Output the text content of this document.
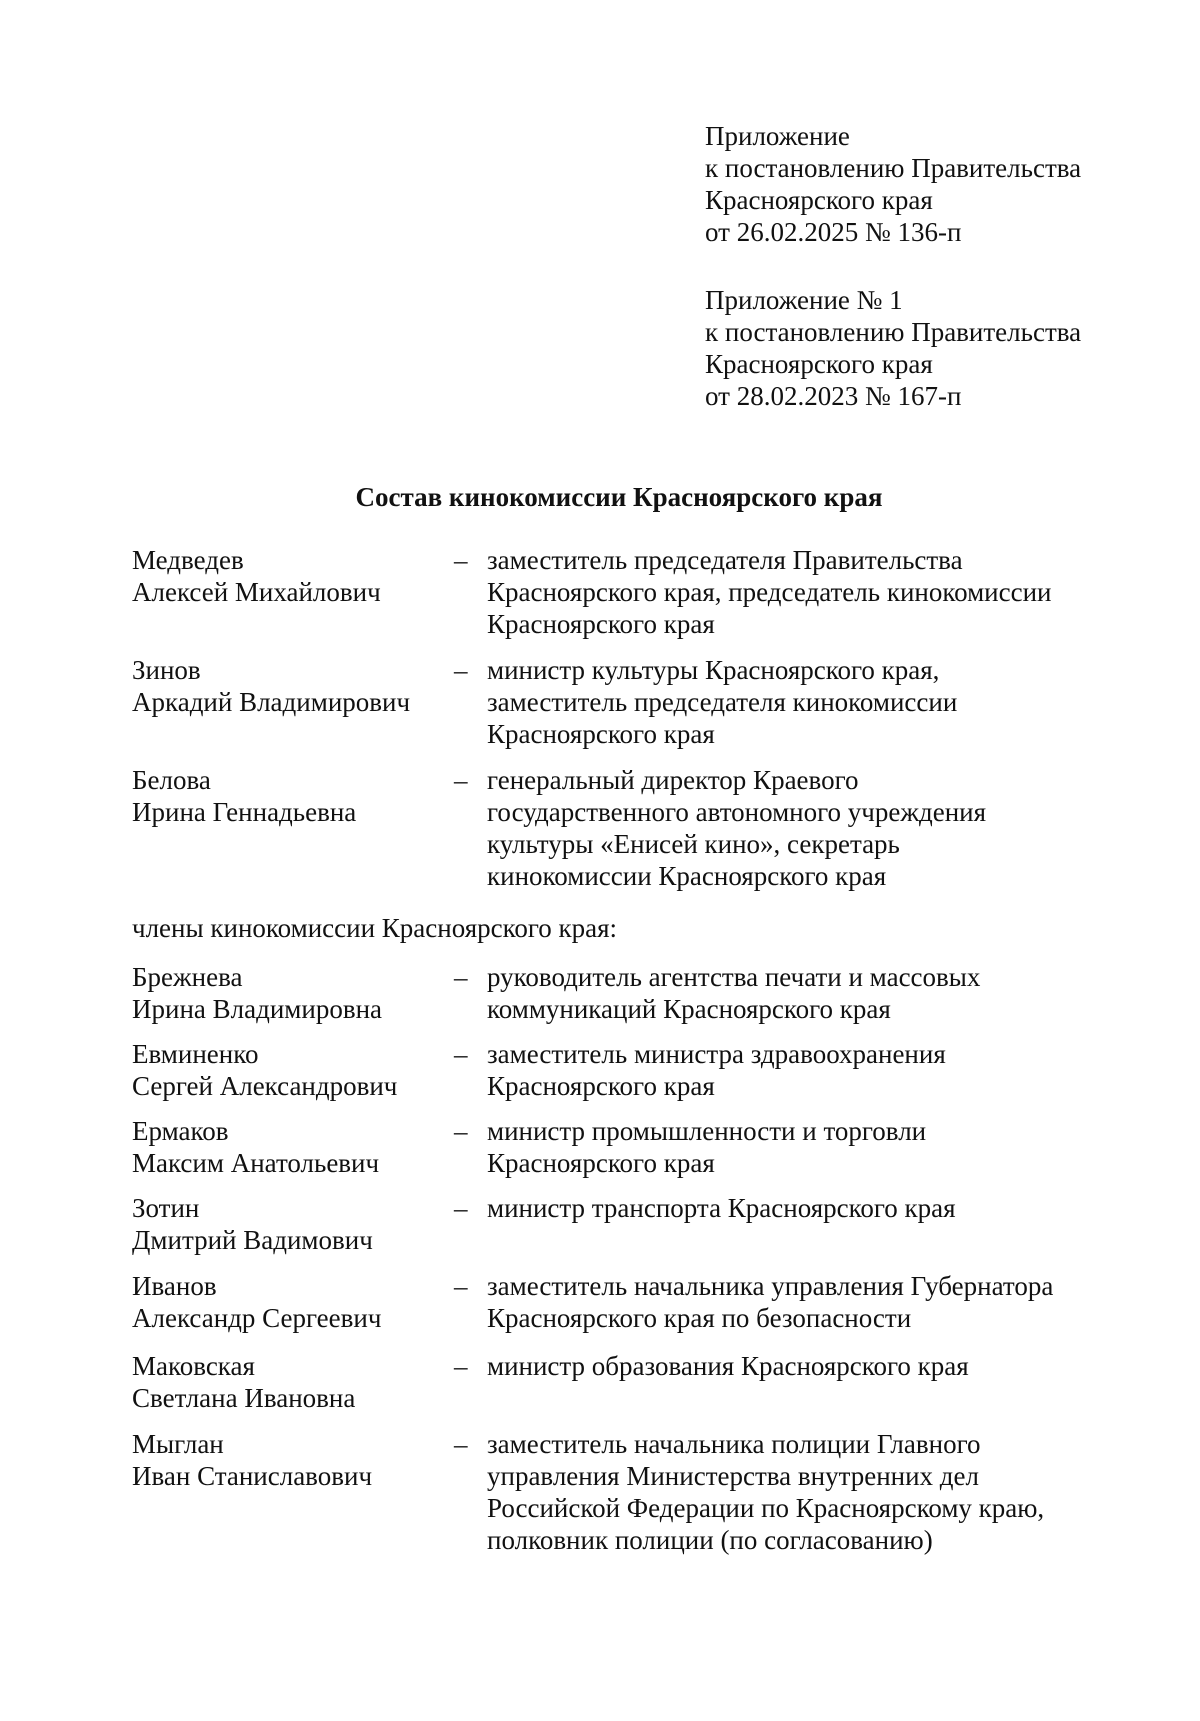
Приложение
к постановлению Правительства
Красноярского края
от 26.02.2025 № 136-п
Приложение № 1
к постановлению Правительства
Красноярского края
от 28.02.2023 № 167-п
Состав кинокомиссии Красноярского края
Медведев
Алексей Михайлович
– заместитель председателя Правительства
Красноярского края, председатель кинокомиссии
Красноярского края
Зинов
Аркадий Владимирович
– министр культуры Красноярского края,
заместитель председателя кинокомиссии
Красноярского края
Белова
Ирина Геннадьевна
– генеральный директор Краевого
государственного автономного учреждения
культуры «Енисей кино», секретарь
кинокомиссии Красноярского края
члены кинокомиссии Красноярского края:
Брежнева
Ирина Владимировна
– руководитель агентства печати и массовых
коммуникаций Красноярского края
Евминенко
Сергей Александрович
– заместитель министра здравоохранения
Красноярского края
Ермаков
Максим Анатольевич
– министр промышленности и торговли
Красноярского края
Зотин
Дмитрий Вадимович
– министр транспорта Красноярского края
Иванов
Александр Сергеевич
– заместитель начальника управления Губернатора
Красноярского края по безопасности
Маковская
Светлана Ивановна
– министр образования Красноярского края
Мыглан
Иван Станиславович
– заместитель начальника полиции Главного
управления Министерства внутренних дел
Российской Федерации по Красноярскому краю,
полковник полиции (по согласованию)
